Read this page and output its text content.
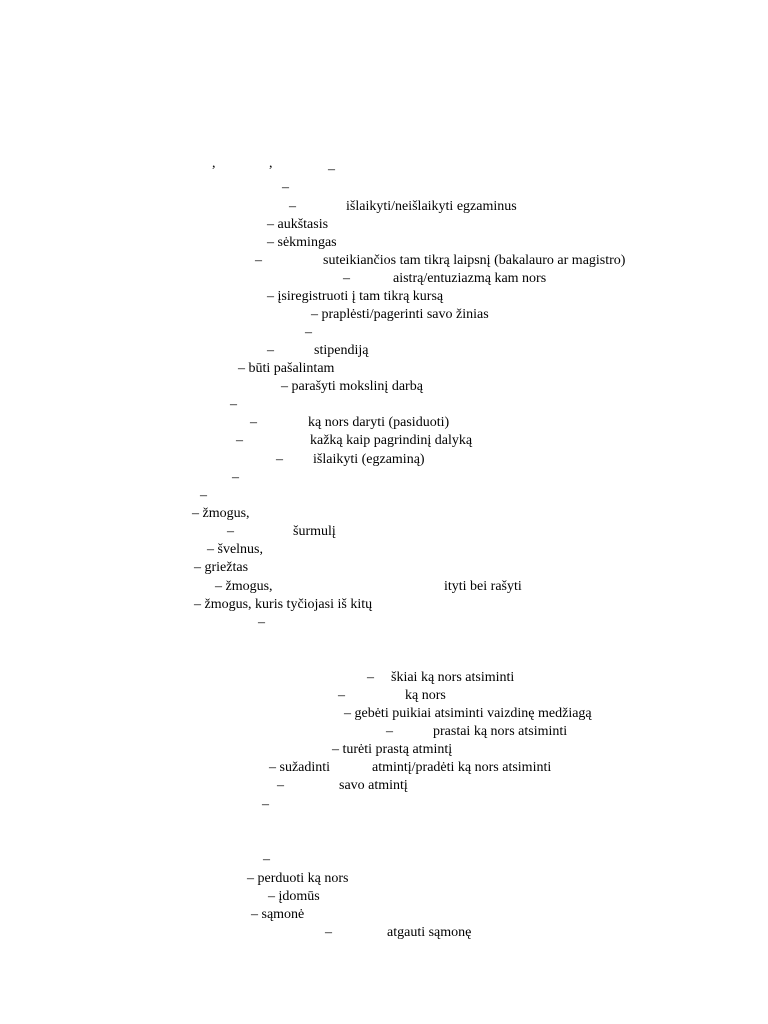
,	,	–
–
–	išlaikyti/neišlaikyti egzaminus
– aukštasis
– sėkmingas
–	suteikiančios tam tikrą laipsnį (bakalauro ar magistro)
–	aistrą/entuziazmą kam nors
– įsiregistruoti į tam tikrą kursą
– praplėsti/pagerinti savo žinias
–
–	stipendiją
– būti pašalintam
– parašyti mokslinį darbą
–
–	ką nors daryti (pasiduoti)
–	kažką kaip pagrindinį dalyką
– išlaikyti (egzaminą)
–
–
– žmogus,
–	šurmulį
– švelnus,
– griežtas
– žmogus,	ityti bei rašyti
– žmogus, kuris tyčiojasi iš kitų
–
– škiai ką nors atsiminti
–	ką nors
– gebėti puikiai atsiminti vaizdinę medžiagą
–	prastai ką nors atsiminti
– turėti prastą atmintį
– sužadinti	atmintį/pradėti ką nors atsiminti
–	savo atmintį
–
–
– perduoti ką nors
– įdomūs
– sąmonė
–	atgauti sąmonę
